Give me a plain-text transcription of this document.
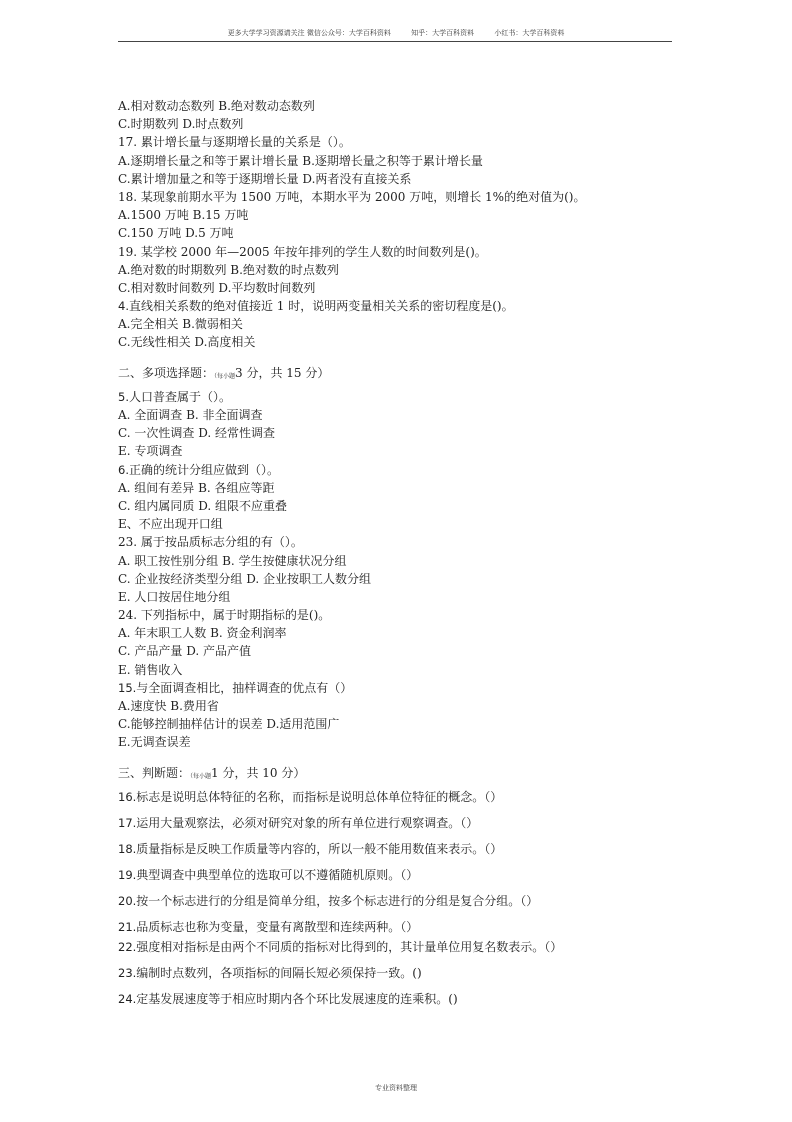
更多大学学习资源请关注 微信公众号：大学百科资料	知乎：大学百科资料	小红书：大学百科资料
A.相对数动态数列 B.绝对数动态数列
C.时期数列 D.时点数列
17. 累计增长量与逐期增长量的关系是（）。
A.逐期增长量之和等于累计增长量 B.逐期增长量之积等于累计增长量
C.累计增加量之和等于逐期增长量 D.两者没有直接关系
18. 某现象前期水平为 1500 万吨，本期水平为 2000 万吨，则增长 1%的绝对值为()。
A.1500 万吨 B.15 万吨
C.150 万吨 D.5 万吨
19. 某学校 2000 年—2005 年按年排列的学生人数的时间数列是()。
A.绝对数的时期数列 B.绝对数的时点数列
C.相对数时间数列 D.平均数时间数列
4.直线相关系数的绝对值接近 1 时，说明两变量相关关系的密切程度是()。
A.完全相关 B.微弱相关
C.无线性相关 D.高度相关
二、多项选择题：（每小题3 分，共 15 分）
5.人口普查属于（）。
A. 全面调查 B. 非全面调查
C. 一次性调查 D. 经常性调查
E. 专项调查
6.正确的统计分组应做到（）。
A. 组间有差异 B. 各组应等距
C. 组内属同质 D. 组限不应重叠
E、不应出现开口组
23. 属于按品质标志分组的有（）。
A. 职工按性别分组 B. 学生按健康状况分组
C. 企业按经济类型分组 D. 企业按职工人数分组
E. 人口按居住地分组
24. 下列指标中，属于时期指标的是()。
A. 年末职工人数 B. 资金利润率
C. 产品产量 D. 产品产值
E. 销售收入
15.与全面调查相比，抽样调查的优点有（）
A.速度快 B.费用省
C.能够控制抽样估计的误差 D.适用范围广
E.无调查误差
三、判断题：（每小题1 分，共 10 分）
16.标志是说明总体特征的名称，而指标是说明总体单位特征的概念。（）
17.运用大量观察法，必须对研究对象的所有单位进行观察调查。（）
18.质量指标是反映工作质量等内容的，所以一般不能用数值来表示。（）
19.典型调查中典型单位的选取可以不遵循随机原则。（）
20.按一个标志进行的分组是简单分组，按多个标志进行的分组是复合分组。（）
21.品质标志也称为变量，变量有离散型和连续两种。（）
22.强度相对指标是由两个不同质的指标对比得到的，其计量单位用复名数表示。（）
23.编制时点数列，各项指标的间隔长短必须保持一致。()
24.定基发展速度等于相应时期内各个环比发展速度的连乘积。()
专业资料整理
